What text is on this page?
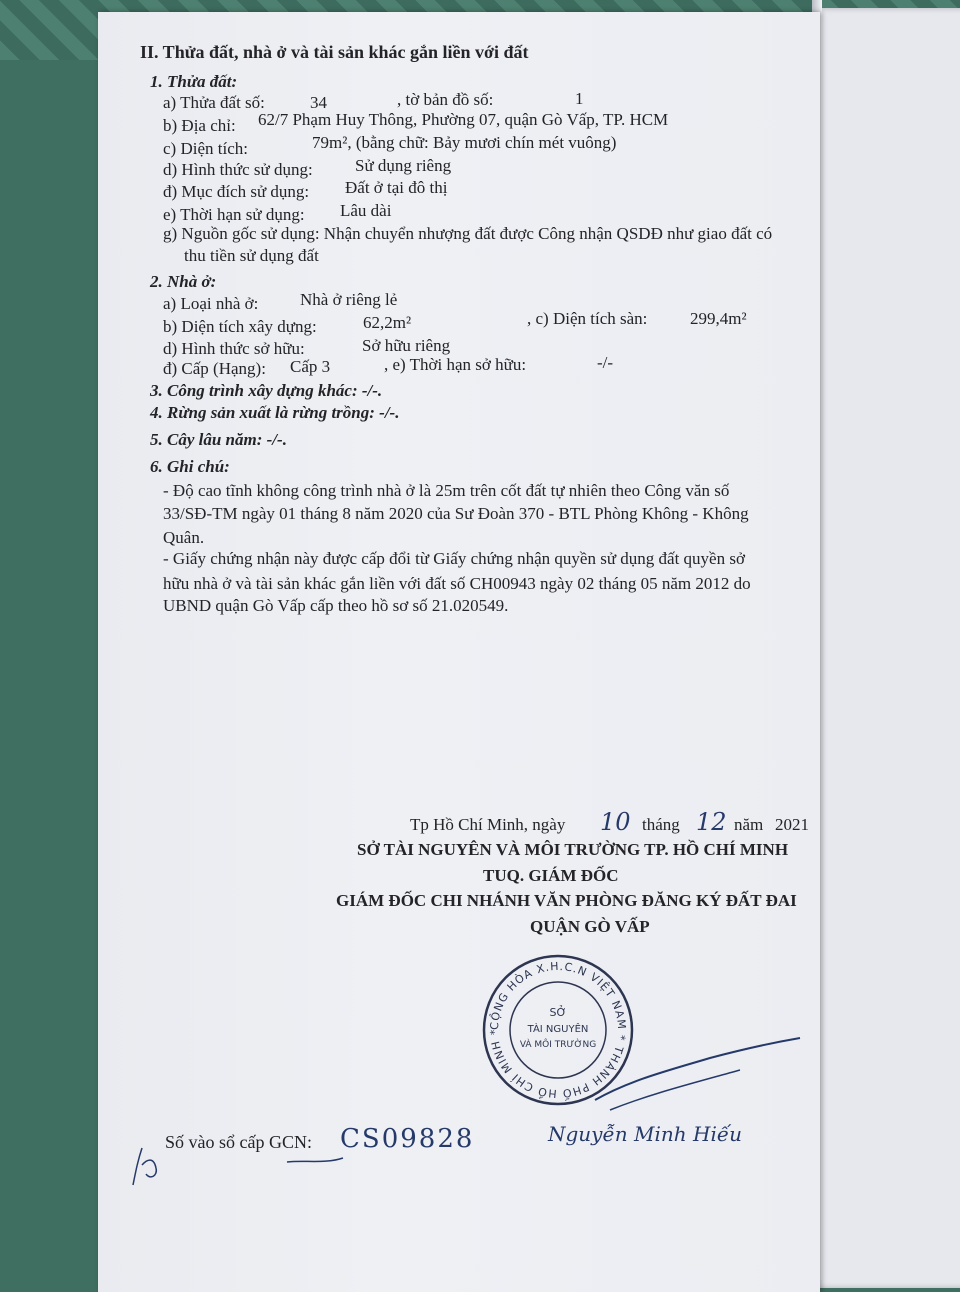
II. Thửa đất, nhà ở và tài sản khác gắn liền với đất
1. Thửa đất:
a) Thửa đất số:	34	, tờ bản đồ số:	1
b) Địa chỉ: 62/7 Phạm Huy Thông, Phường 07, quận Gò Vấp, TP. HCM
c) Diện tích:	79m², (bằng chữ: Bảy mươi chín mét vuông)
d) Hình thức sử dụng: Sử dụng riêng
đ) Mục đích sử dụng: Đất ở tại đô thị
e) Thời hạn sử dụng: Lâu dài
g) Nguồn gốc sử dụng: Nhận chuyển nhượng đất được Công nhận QSDĐ như giao đất có
thu tiền sử dụng đất
2. Nhà ở:
a) Loại nhà ở: Nhà ở riêng lẻ
b) Diện tích xây dựng:	62,2m²	, c) Diện tích sàn:	299,4m²
d) Hình thức sở hữu:	Sở hữu riêng
đ) Cấp (Hạng): Cấp 3	, e) Thời hạn sở hữu:	-/-
3. Công trình xây dựng khác: -/-.
4. Rừng sản xuất là rừng trồng: -/-.
5. Cây lâu năm: -/-.
6. Ghi chú:
- Độ cao tĩnh không công trình nhà ở là 25m trên cốt đất tự nhiên theo Công văn số
33/SĐ-TM ngày 01 tháng 8 năm 2020 của Sư Đoàn 370 - BTL Phòng Không - Không
Quân.
- Giấy chứng nhận này được cấp đổi từ Giấy chứng nhận quyền sử dụng đất quyền sở
hữu nhà ở và tài sản khác gắn liền với đất số CH00943 ngày 02 tháng 05 năm 2012 do
UBND quận Gò Vấp cấp theo hồ sơ số 21.020549.
Tp Hồ Chí Minh, ngày 10 tháng 12 năm 2021
SỞ TÀI NGUYÊN VÀ MÔI TRƯỜNG TP. HỒ CHÍ MINH
TUQ. GIÁM ĐỐC
GIÁM ĐỐC CHI NHÁNH VĂN PHÒNG ĐĂNG KÝ ĐẤT ĐAI
QUẬN GÒ VẤP
CỘNG HÒA X.H.C.N VIỆT NAM * THÀNH PHỐ HỒ CHÍ MINH *
SỞ
TÀI NGUYÊN
VÀ MÔI TRƯỜNG
Nguyễn Minh Hiếu
Số vào sổ cấp GCN: CS09828
